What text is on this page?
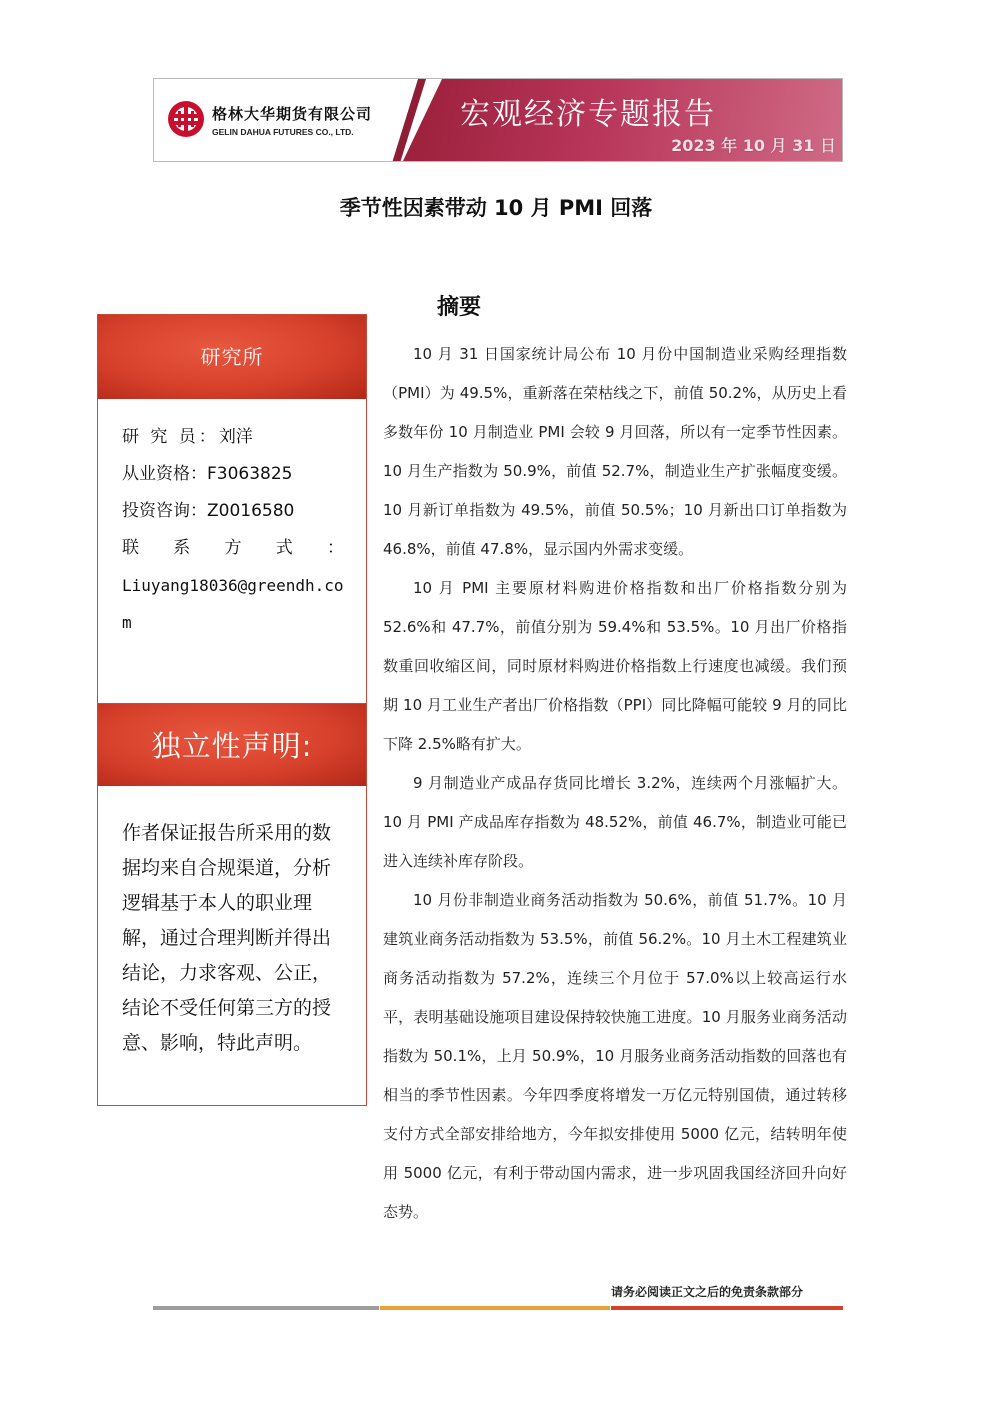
格林大华期货有限公司
GELIN DAHUA FUTURES CO., LTD.	宏观经济专题报告
2023 年 10 月 31 日
季节性因素带动 10 月 PMI 回落
研究所
研 究 员：刘洋
从业资格：F3063825
投资咨询：Z0016580
联 系 方 式 ：
Liuyang18036@greendh.com
独立性声明:
作者保证报告所采用的数据均来自合规渠道，分析逻辑基于本人的职业理解，通过合理判断并得出结论，力求客观、公正，结论不受任何第三方的授意、影响，特此声明。
摘要

10 月 31 日国家统计局公布 10 月份中国制造业采购经理指数（PMI）为 49.5%，重新落在荣枯线之下，前值 50.2%，从历史上看多数年份 10 月制造业 PMI 会较 9 月回落，所以有一定季节性因素。10 月生产指数为 50.9%，前值 52.7%，制造业生产扩张幅度变缓。10 月新订单指数为 49.5%，前值 50.5%；10 月新出口订单指数为 46.8%，前值 47.8%，显示国内外需求变缓。

10 月 PMI 主要原材料购进价格指数和出厂价格指数分别为 52.6%和 47.7%，前值分别为 59.4%和 53.5%。10 月出厂价格指数重回收缩区间，同时原材料购进价格指数上行速度也减缓。我们预期 10 月工业生产者出厂价格指数（PPI）同比降幅可能较 9 月的同比下降 2.5%略有扩大。

9 月制造业产成品存货同比增长 3.2%，连续两个月涨幅扩大。10 月 PMI 产成品库存指数为 48.52%，前值 46.7%，制造业可能已进入连续补库存阶段。

10 月份非制造业商务活动指数为 50.6%，前值 51.7%。10 月建筑业商务活动指数为 53.5%，前值 56.2%。10 月土木工程建筑业商务活动指数为 57.2%，连续三个月位于 57.0%以上较高运行水平，表明基础设施项目建设保持较快施工进度。10 月服务业商务活动指数为 50.1%，上月 50.9%，10 月服务业商务活动指数的回落也有相当的季节性因素。今年四季度将增发一万亿元特别国债，通过转移支付方式全部安排给地方，今年拟安排使用 5000 亿元，结转明年使用 5000 亿元，有利于带动国内需求，进一步巩固我国经济回升向好态势。

请务必阅读正文之后的免责条款部分
